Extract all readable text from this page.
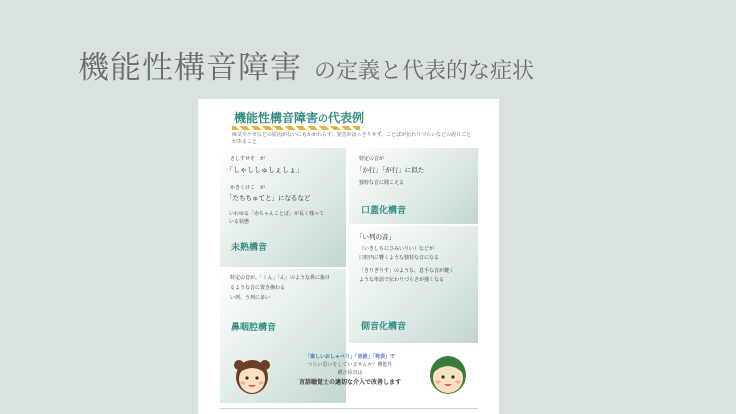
機能性構音障害 の定義と代表的な症状
機能性構音障害の代表例
麻気やケガなどの原因がないにもかかわらず、発音がはっきりせず、ことばが伝わりづらいなどの誤りごとがあること
さしすせそ　が
「しゃししゅしぇしょ」
かきくけこ　が
「たちちゅてと」になるなど
いわゆる「赤ちゃんことば」が長く残って
いる状態
未熟構音
特定の音が
「か行」「が行」に似た
独特な音に聞こえる
口蓋化構音
特定の音が、「くん」「ん」のような鼻に抜け
るような音に置き換わる
い列、う列に多い
鼻咽腔構音
「い列の音」
（いきしちにひみいりい）などが
口腔内に響くような独特な音になる
「きりぎりす」のような、息手な音が鍵く
ような単語で伝わりづらさが強くなる
側音化構音
「楽しいおしゃべり」「音読」「発表」で
つらい思いをしていませんか？機能性
構音障害は
言語聴覚士の適切な介入で改善します
